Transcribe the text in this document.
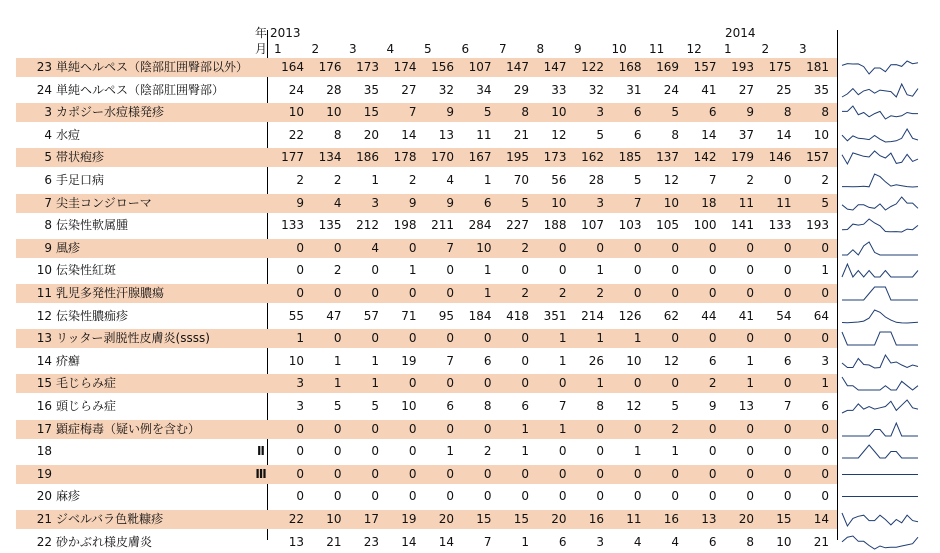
年
月
2013	2014
1 2 3 4 5 6 7 8 9 10 11 12 1 2 3
23 単純ヘルペス（陰部肛囲臀部以外）	164	176	173	174	156	107	147	147	122	168	169	157	193	175	181
24 単純ヘルペス（陰部肛囲臀部）	24	28	35	27	32	34	29	33	32	31	24	41	27	25	35
3 カポジー水痘様発疹	10	10	15	7	9	5	8	10	3	6	5	6	9	8	8
4 水痘	22	8	20	14	13	11	21	12	5	6	8	14	37	14	10
5 帯状疱疹	177	134	186	178	170	167	195	173	162	185	137	142	179	146	157
6 手足口病	2	2	1	2	4	1	70	56	28	5	12	7	2	0	2
7 尖圭コンジローマ	9	4	3	9	9	6	5	10	3	7	10	18	11	11	5
8 伝染性軟属腫	133	135	212	198	211	284	227	188	107	103	105	100	141	133	193
9 風疹	0	0	4	0	7	10	2	0	0	0	0	0	0	0	0
10 伝染性紅斑	0	2	0	1	0	1	0	0	1	0	0	0	0	0	1
11 乳児多発性汗腺膿瘍	0	0	0	0	0	1	2	2	2	0	0	0	0	0	0
12 伝染性膿痂疹	55	47	57	71	95	184	418	351	214	126	62	44	41	54	64
13 リッター剥脱性皮膚炎(ssss)	1	0	0	0	0	0	0	1	1	1	0	0	0	0	0
14 疥癬	10	1	1	19	7	6	0	1	26	10	12	6	1	6	3
15 毛じらみ症	3	1	1	0	0	0	0	0	1	0	0	2	1	0	1
16 頭じらみ症	3	5	5	10	6	8	6	7	8	12	5	9	13	7	6
17 顕症梅毒（疑い例を含む）	0	0	0	0	0	0	1	1	0	0	2	0	0	0	0
18	Ⅱ	0	0	0	0	1	2	1	0	0	1	1	0	0	0	0
19	Ⅲ	0	0	0	0	0	0	0	0	0	0	0	0	0	0	0
20 麻疹	0	0	0	0	0	0	0	0	0	0	0	0	0	0	0
21 ジベルバラ色粃糠疹	22	10	17	19	20	15	15	20	16	11	16	13	20	15	14
22 砂かぶれ様皮膚炎	13	21	23	14	14	7	1	6	3	4	4	6	8	10	21
